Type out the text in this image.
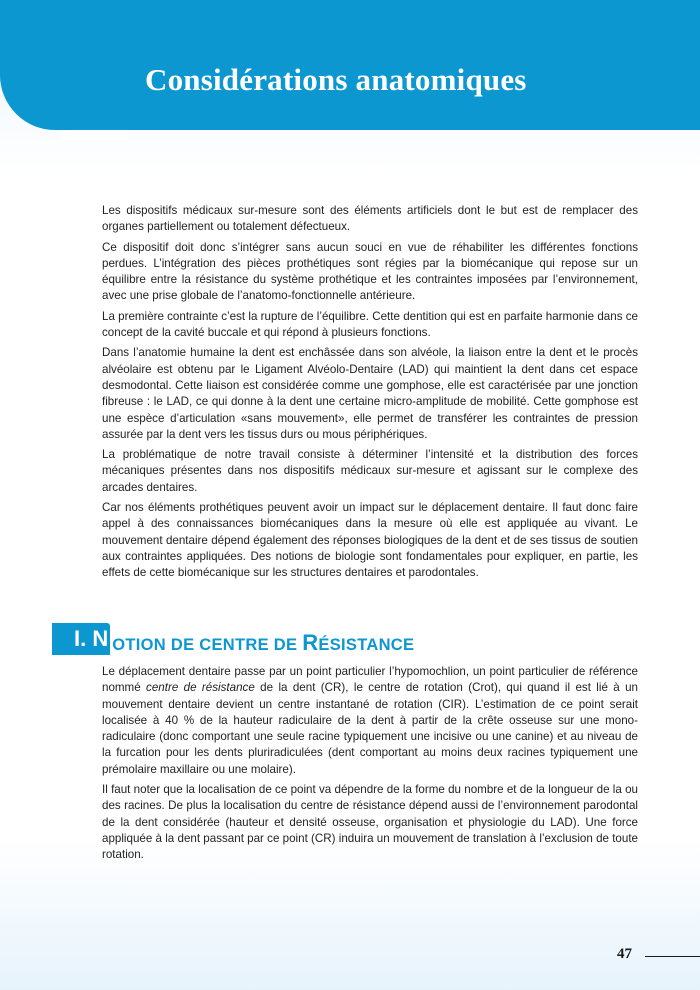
1
Considérations anatomiques

Les dispositifs médicaux sur-mesure sont des éléments artificiels dont le but est de remplacer des organes partiellement ou totalement défectueux.

Ce dispositif doit donc s’intégrer sans aucun souci en vue de réhabiliter les différentes fonctions perdues. L’intégration des pièces prothétiques sont régies par la biomécanique qui repose sur un équilibre entre la résistance du système prothétique et les contraintes imposées par l’environnement, avec une prise globale de l’anatomo-fonctionnelle antérieure.

La première contrainte c’est la rupture de l’équilibre. Cette dentition qui est en parfaite harmonie dans ce concept de la cavité buccale et qui répond à plusieurs fonctions.

Dans l’anatomie humaine la dent est enchâssée dans son alvéole, la liaison entre la dent et le procès alvéolaire est obtenu par le Ligament Alvéolo-Dentaire (LAD) qui maintient la dent dans cet espace desmodontal. Cette liaison est considérée comme une gomphose, elle est caractérisée par une jonction fibreuse : le LAD, ce qui donne à la dent une certaine micro-amplitude de mobilité. Cette gomphose est une espèce d’articulation «sans mouvement», elle permet de transférer les contraintes de pression assurée par la dent vers les tissus durs ou mous périphériques.

La problématique de notre travail consiste à déterminer l’intensité et la distribution des forces mécaniques présentes dans nos dispositifs médicaux sur-mesure et agissant sur le complexe des arcades dentaires.

Car nos éléments prothétiques peuvent avoir un impact sur le déplacement dentaire. Il faut donc faire appel à des connaissances biomécaniques dans la mesure où elle est appliquée au vivant. Le mouvement dentaire dépend également des réponses biologiques de la dent et de ses tissus de soutien aux contraintes appliquées. Des notions de biologie sont fondamentales pour expliquer, en partie, les effets de cette biomécanique sur les structures dentaires et parodontales.

I. N OTION DE CENTRE DE RÉSISTANCE

Le déplacement dentaire passe par un point particulier l’hypomochlion, un point particulier de référence nommé centre de résistance de la dent (CR), le centre de rotation (Crot), qui quand il est lié à un mouvement dentaire devient un centre instantané de rotation (CIR). L’estimation de ce point serait localisée à 40 % de la hauteur radiculaire de la dent à partir de la crête osseuse sur une mono-radiculaire (donc comportant une seule racine typiquement une incisive ou une canine) et au niveau de la furcation pour les dents pluriradiculées (dent comportant au moins deux racines typiquement une prémolaire maxillaire ou une molaire).

Il faut noter que la localisation de ce point va dépendre de la forme du nombre et de la longueur de la ou des racines. De plus la localisation du centre de résistance dépend aussi de l’environnement parodontal de la dent considérée (hauteur et densité osseuse, organisation et physiologie du LAD). Une force appliquée à la dent passant par ce point (CR) induira un mouvement de translation à l’exclusion de toute rotation.

47
